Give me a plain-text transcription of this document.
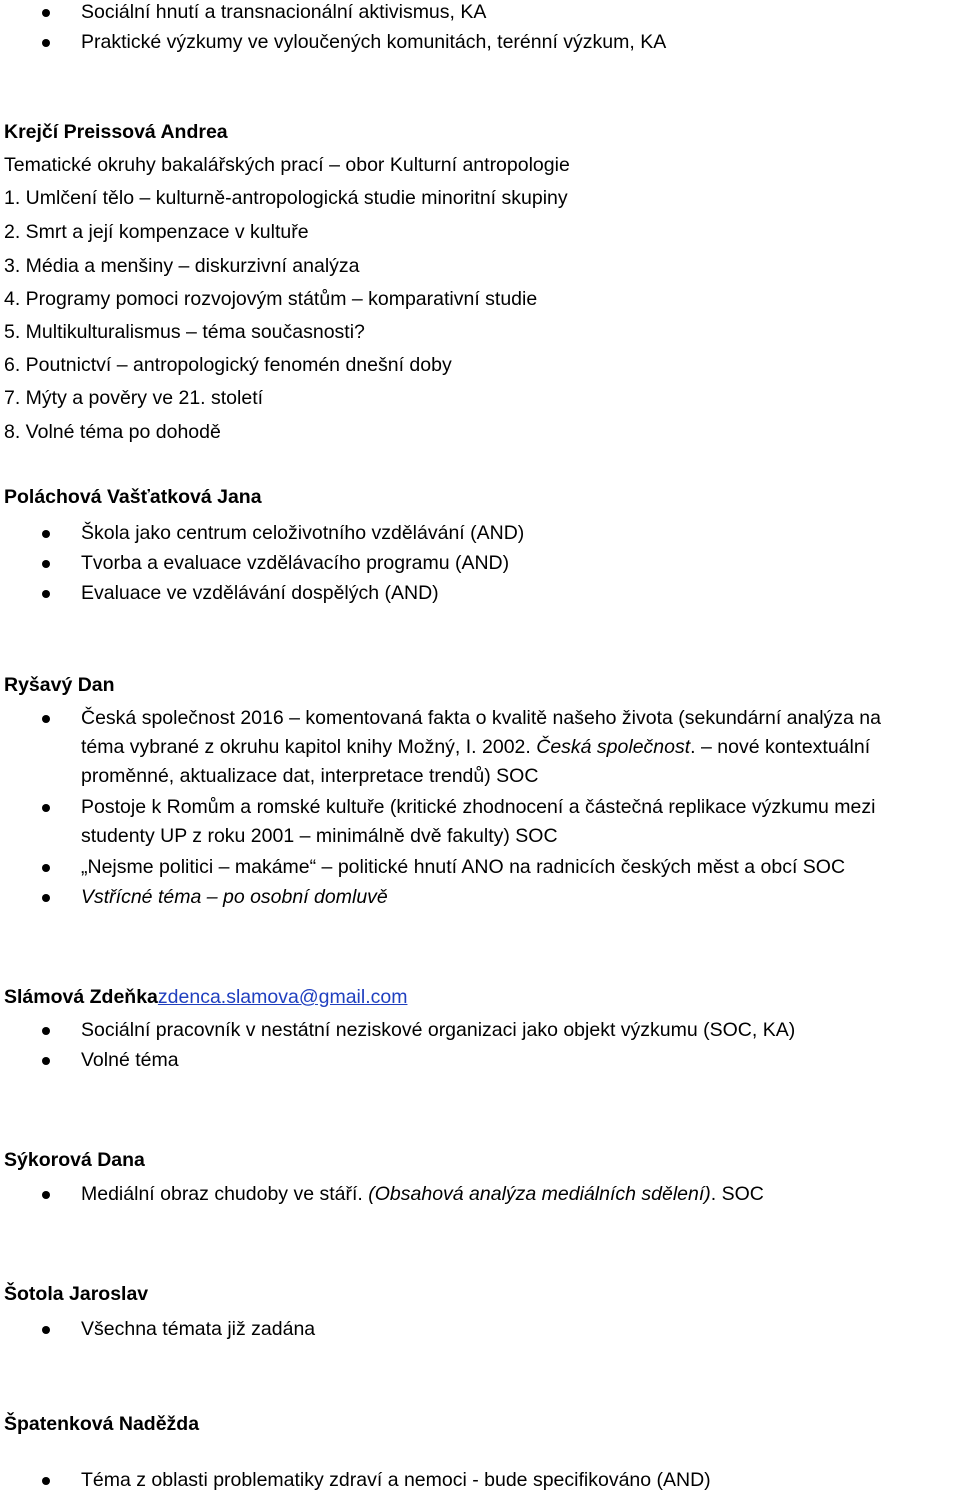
Sociální hnutí a transnacionální aktivismus, KA
Praktické výzkumy ve vyloučených komunitách, terénní výzkum, KA
Krejčí Preissová Andrea
Tematické okruhy bakalářských prací – obor Kulturní antropologie
1. Umlčení tělo – kulturně-antropologická studie minoritní skupiny
2. Smrt a její kompenzace v kultuře
3. Média a menšiny – diskurzivní analýza
4. Programy pomoci rozvojovým státům – komparativní studie
5. Multikulturalismus – téma současnosti?
6. Poutnictví – antropologický fenomén dnešní doby
7. Mýty a pověry ve 21. století
8. Volné téma po dohodě
Poláchová Vašťatková Jana
Škola jako centrum celoživotního vzdělávání (AND)
Tvorba a evaluace vzdělávacího programu (AND)
Evaluace ve vzdělávání dospělých (AND)
Ryšavý Dan
Česká společnost 2016 – komentovaná fakta o kvalitě našeho života (sekundární analýza na
téma vybrané z okruhu kapitol knihy Možný, I. 2002. Česká společnost. – nové kontextuální
proměnné, aktualizace dat, interpretace trendů) SOC
Postoje k Romům a romské kultuře (kritické zhodnocení a částečná replikace výzkumu mezi
studenty UP z roku 2001 – minimálně dvě fakulty) SOC
„Nejsme politici – makáme“ – politické hnutí ANO na radnicích českých měst a obcí SOC
Vstřícné téma – po osobní domluvě
Slámová Zdeňkazdenca.slamova@gmail.com
Sociální pracovník v nestátní neziskové organizaci jako objekt výzkumu (SOC, KA)
Volné téma
Sýkorová Dana
Mediální obraz chudoby ve stáří. (Obsahová analýza mediálních sdělení). SOC
Šotola Jaroslav
Všechna témata již zadána
Špatenková Naděžda
Téma z oblasti problematiky zdraví a nemoci - bude specifikováno (AND)
